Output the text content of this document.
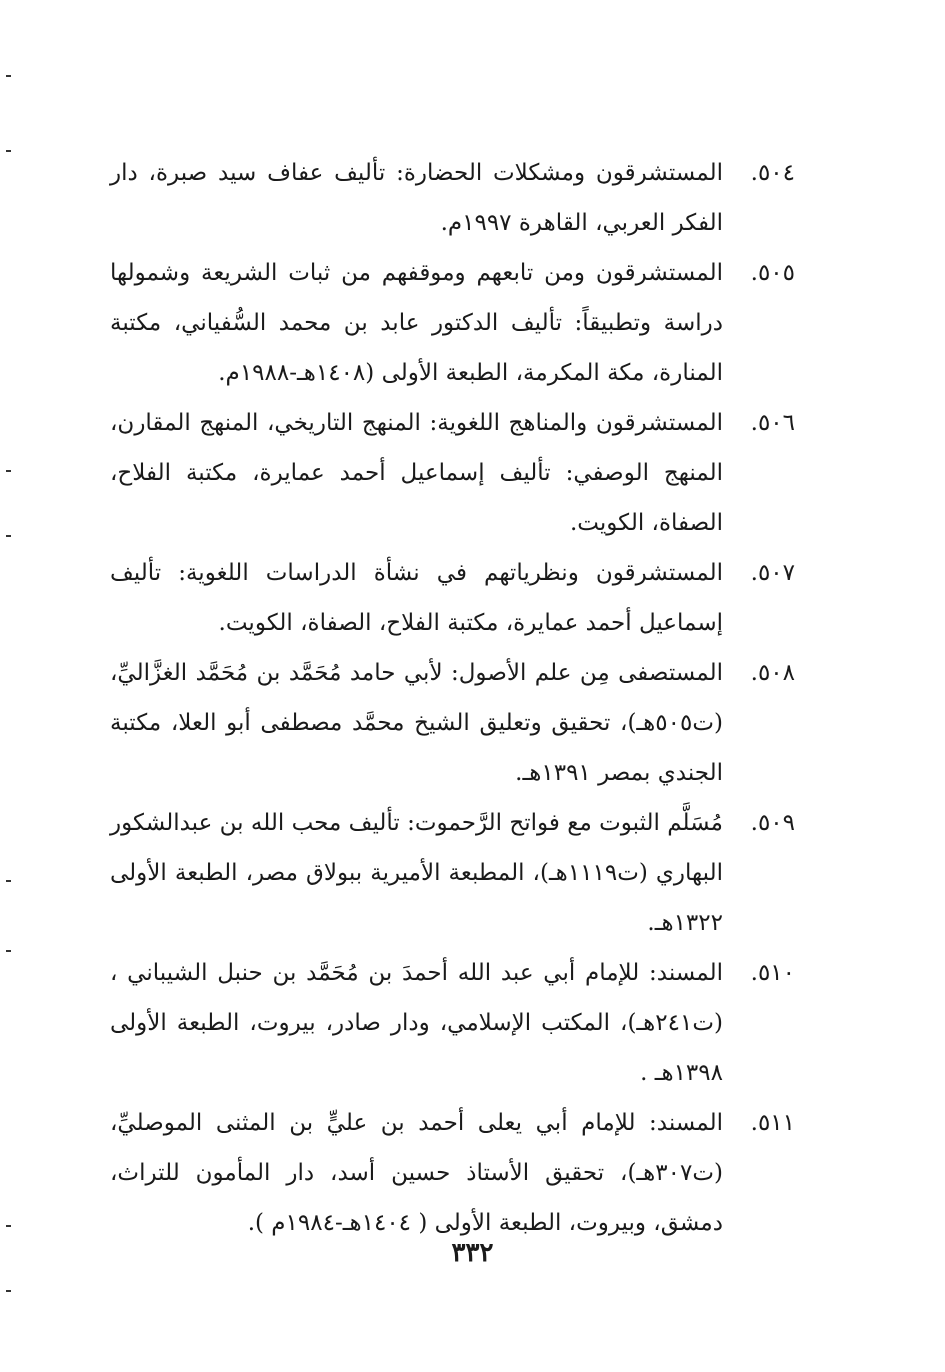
٥٠٤.
المستشرقون ومشكلات الحضارة: تأليف عفاف سيد صبرة، دار الفكر العربي، القاهرة ١٩٩٧م.
٥٠٥.
المستشرقون ومن تابعهم وموقفهم من ثبات الشريعة وشمولها دراسة وتطبيقاً: تأليف الدكتور عابد بن محمد السُّفياني، مكتبة المنارة، مكة المكرمة، الطبعة الأولى (١٤٠٨هـ-١٩٨٨م.
٥٠٦.
المستشرقون والمناهج اللغوية: المنهج التاريخي، المنهج المقارن، المنهج الوصفي: تأليف إسماعيل أحمد عمايرة، مكتبة الفلاح، الصفاة، الكويت.
٥٠٧.
المستشرقون ونظرياتهم في نشأة الدراسات اللغوية: تأليف إسماعيل أحمد عمايرة، مكتبة الفلاح، الصفاة، الكويت.
٥٠٨.
المستصفى مِن علم الأصول: لأبي حامد مُحَمَّد بن مُحَمَّد الغزَّاليِّ، (ت٥٠٥هـ)، تحقيق وتعليق الشيخ محمَّد مصطفى أبو العلا، مكتبة الجندي بمصر ١٣٩١هـ.
٥٠٩.
مُسَلَّم الثبوت مع فواتح الرَّحموت: تأليف محب الله بن عبدالشكور البهاري (ت١١١٩هـ)، المطبعة الأميرية ببولاق مصر، الطبعة الأولى ١٣٢٢هـ.
٥١٠.
المسند: للإمام أبي عبد الله أحمدَ بن مُحَمَّد بن حنبل الشيباني ، (ت٢٤١هـ)، المكتب الإسلامي، ودار صادر، بيروت، الطبعة الأولى ١٣٩٨هـ .
٥١١.
المسند: للإمام أبي يعلى أحمد بن عليٍّ بن المثنى الموصليِّ، (ت٣٠٧هـ)، تحقيق الأستاذ حسين أسد، دار المأمون للتراث، دمشق، وبيروت، الطبعة الأولى ( ١٤٠٤هـ-١٩٨٤م ).
٣٣٢
